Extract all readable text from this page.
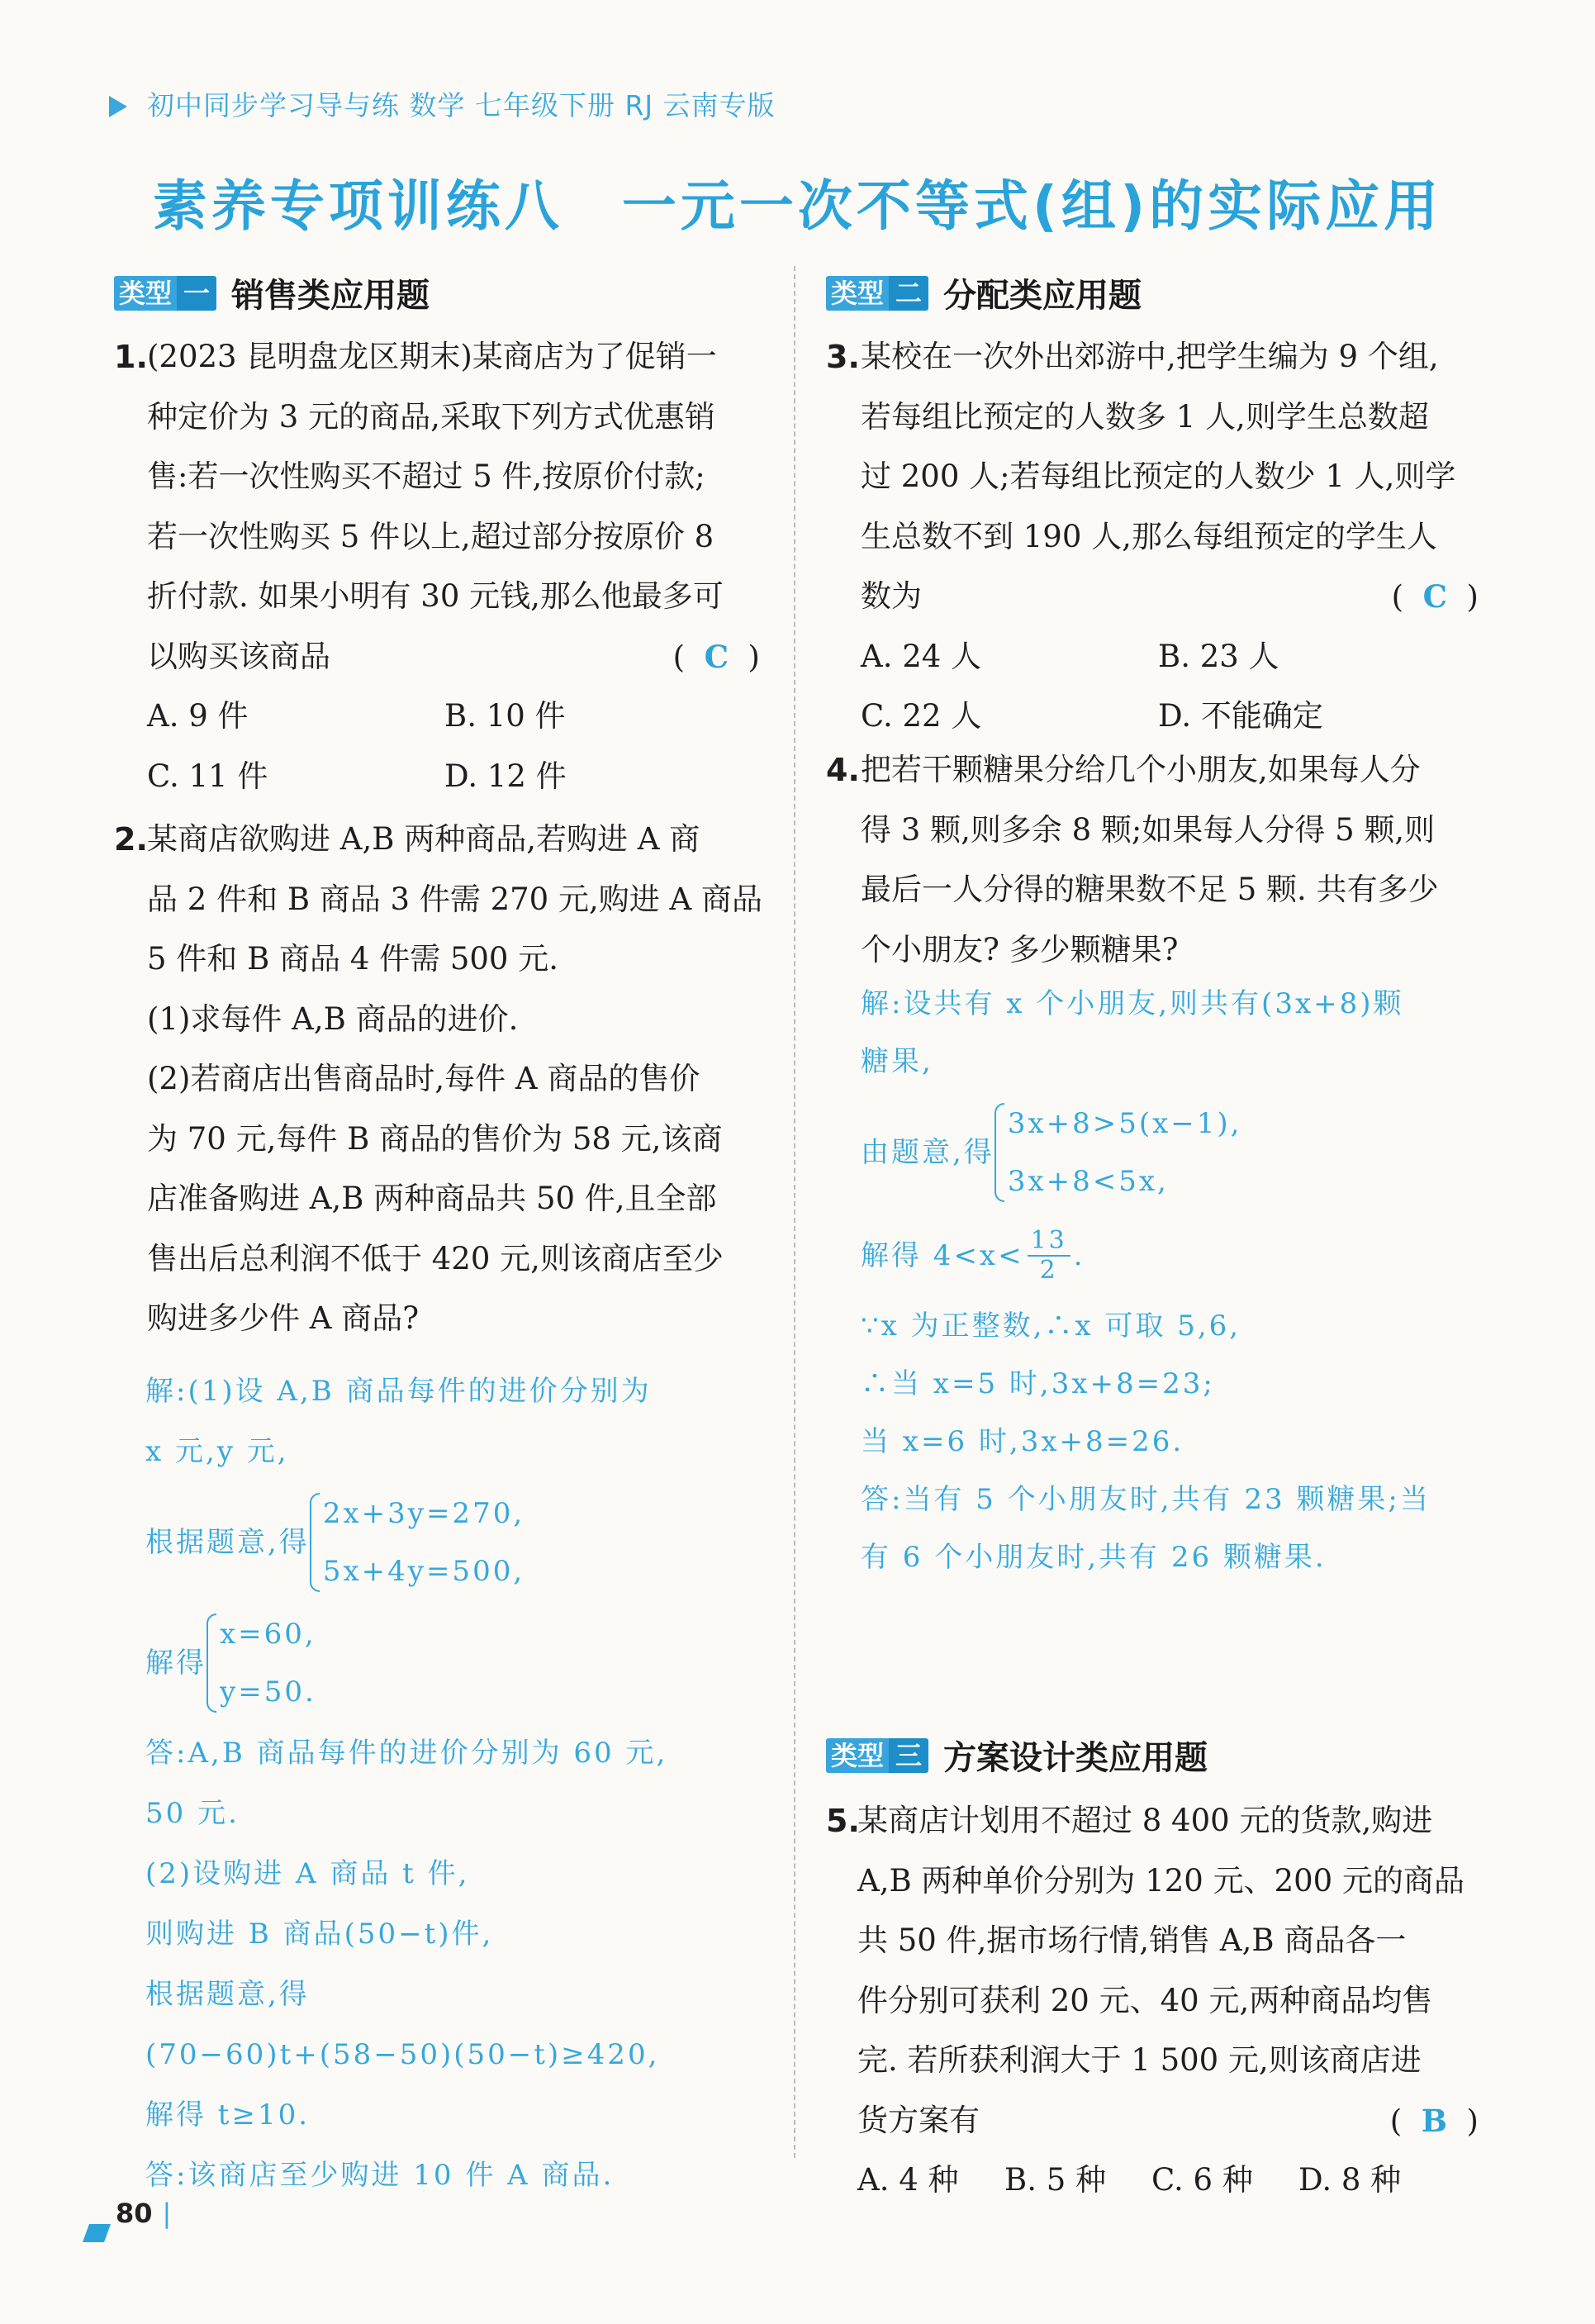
初中同步学习导与练 数学 七年级下册 RJ 云南专版
素养专项训练八　一元一次不等式(组)的实际应用
类型 一 销售类应用题
1. (2023 昆明盘龙区期末)某商店为了促销一
种定价为 3 元的商品,采取下列方式优惠销
售:若一次性购买不超过 5 件,按原价付款;
若一次性购买 5 件以上,超过部分按原价 8
折付款. 如果小明有 30 元钱,那么他最多可
以购买该商品	(  C  )
A. 9 件	B. 10 件
C. 11 件	D. 12 件
2. 某商店欲购进 A,B 两种商品,若购进 A 商
品 2 件和 B 商品 3 件需 270 元,购进 A 商品
5 件和 B 商品 4 件需 500 元.
(1)求每件 A,B 商品的进价.
(2)若商店出售商品时,每件 A 商品的售价
为 70 元,每件 B 商品的售价为 58 元,该商
店准备购进 A,B 两种商品共 50 件,且全部
售出后总利润不低于 420 元,则该商店至少
购进多少件 A 商品?
解:(1)设 A,B 商品每件的进价分别为
x 元,y 元,
根据题意,得
2x+3y=270,
5x+4y=500,
解得
x=60,
y=50.
答:A,B 商品每件的进价分别为 60 元,
50 元.
(2)设购进 A 商品 t 件,
则购进 B 商品(50−t)件,
根据题意,得
(70−60)t+(58−50)(50−t)≥420,
解得 t≥10.
答:该商店至少购进 10 件 A 商品.
类型 二 分配类应用题
3. 某校在一次外出郊游中,把学生编为 9 个组,
若每组比预定的人数多 1 人,则学生总数超
过 200 人;若每组比预定的人数少 1 人,则学
生总数不到 190 人,那么每组预定的学生人
数为	(  C  )
A. 24 人	B. 23 人
C. 22 人	D. 不能确定
4. 把若干颗糖果分给几个小朋友,如果每人分
得 3 颗,则多余 8 颗;如果每人分得 5 颗,则
最后一人分得的糖果数不足 5 颗. 共有多少
个小朋友? 多少颗糖果?
解:设共有 x 个小朋友,则共有(3x+8)颗
糖果,
由题意,得
3x+8>5(x−1),
3x+8<5x,
解得 $4<x< \frac{13}{2}$ .
∵x 为正整数,∴x 可取 5,6,
∴当 x=5 时,3x+8=23;
当 x=6 时,3x+8=26.
答:当有 5 个小朋友时,共有 23 颗糖果;当
有 6 个小朋友时,共有 26 颗糖果.
类型 三 方案设计类应用题
5.
某商店计划用不超过 8 400 元的货款,购进
A,B 两种单价分别为 120 元、200 元的商品
共 50 件,据市场行情,销售 A,B 商品各一
件分别可获利 20 元、40 元,两种商品均售
完. 若所获利润大于 1 500 元,则该商店进
货方案有	(  B  )
A. 4 种 B. 5 种 C. 6 种 D. 8 种
80 |
